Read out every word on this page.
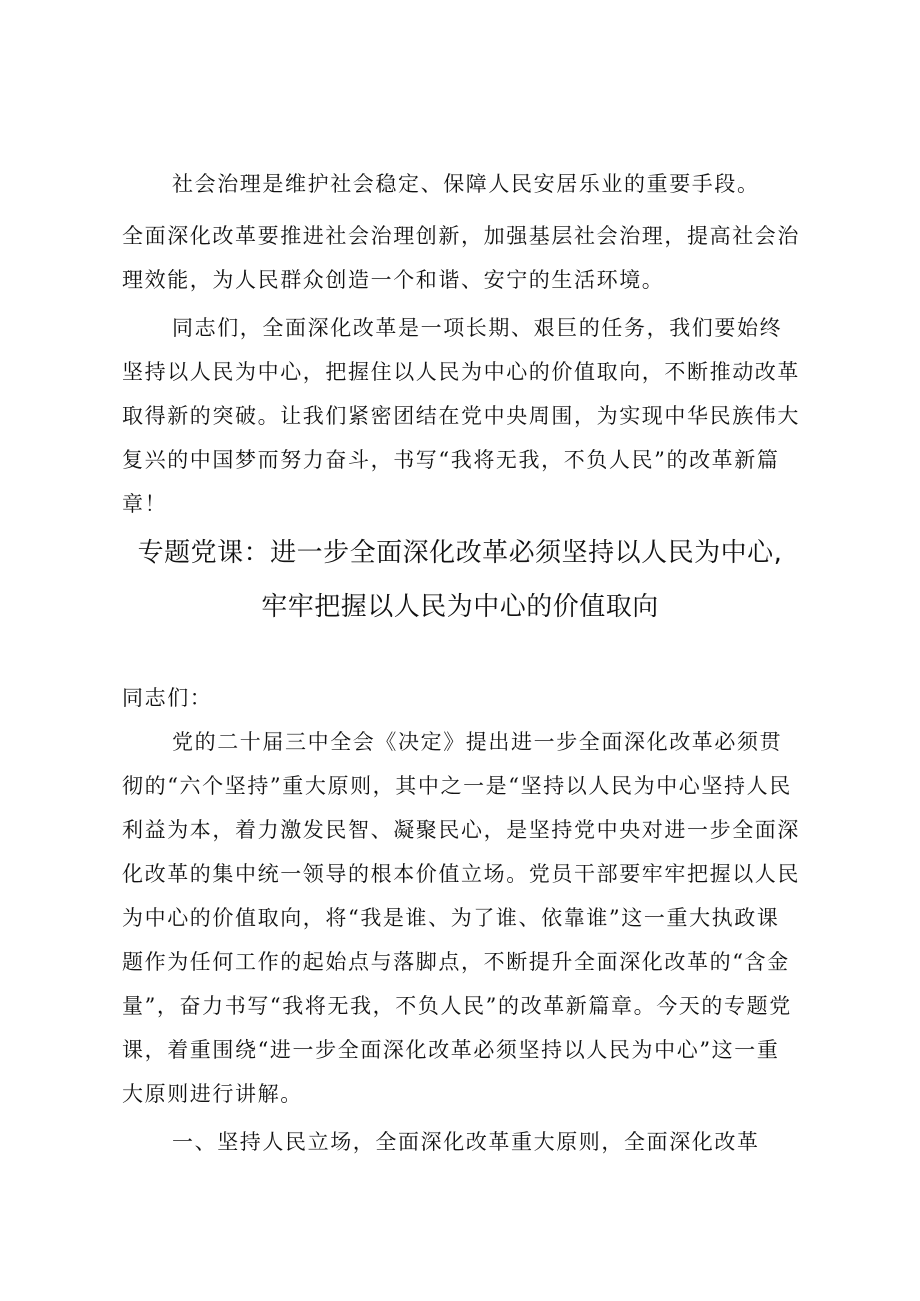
社会治理是维护社会稳定、保障人民安居乐业的重要手段。

全面深化改革要推进社会治理创新，加强基层社会治理，提高社会治理效能，为人民群众创造一个和谐、安宁的生活环境。

同志们，全面深化改革是一项长期、艰巨的任务，我们要始终坚持以人民为中心，把握住以人民为中心的价值取向，不断推动改革取得新的突破。让我们紧密团结在党中央周围，为实现中华民族伟大复兴的中国梦而努力奋斗，书写“我将无我，不负人民”的改革新篇章！

专题党课：进一步全面深化改革必须坚持以人民为中心,
牢牢把握以人民为中心的价值取向

同志们：

党的二十届三中全会《决定》提出进一步全面深化改革必须贯彻的“六个坚持”重大原则，其中之一是“坚持以人民为中心坚持人民利益为本，着力激发民智、凝聚民心，是坚持党中央对进一步全面深化改革的集中统一领导的根本价值立场。党员干部要牢牢把握以人民为中心的价值取向，将“我是谁、为了谁、依靠谁”这一重大执政课题作为任何工作的起始点与落脚点，不断提升全面深化改革的“含金量”，奋力书写“我将无我，不负人民”的改革新篇章。今天的专题党课，着重围绕“进一步全面深化改革必须坚持以人民为中心”这一重大原则进行讲解。

一、坚持人民立场，全面深化改革重大原则，全面深化改革
